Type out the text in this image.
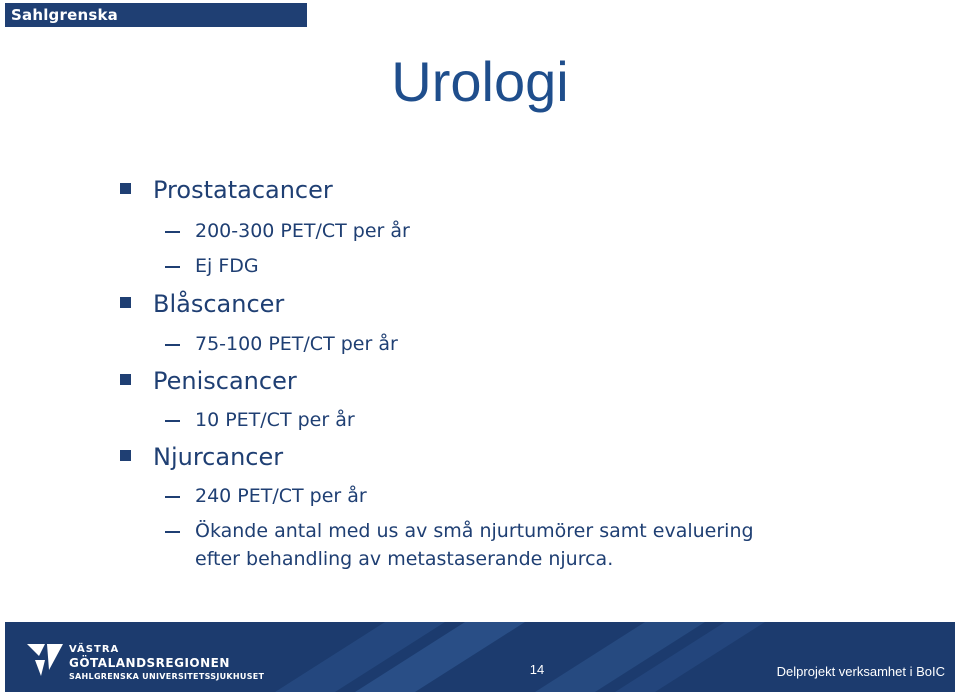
Sahlgrenska Universitetssjukhuset
Urologi
Prostatacancer
200-300 PET/CT per år
Ej FDG
Blåscancer
75-100 PET/CT per år
Peniscancer
10 PET/CT per år
Njurcancer
240 PET/CT per år
Ökande antal med us av små njurtumörer samt evaluering
efter behandling av metastaserande njurca.
VÄSTRA
GÖTALANDSREGIONEN
SAHLGRENSKA UNIVERSITETSSJUKHUSET	14	Delprojekt verksamhet i BoIC
